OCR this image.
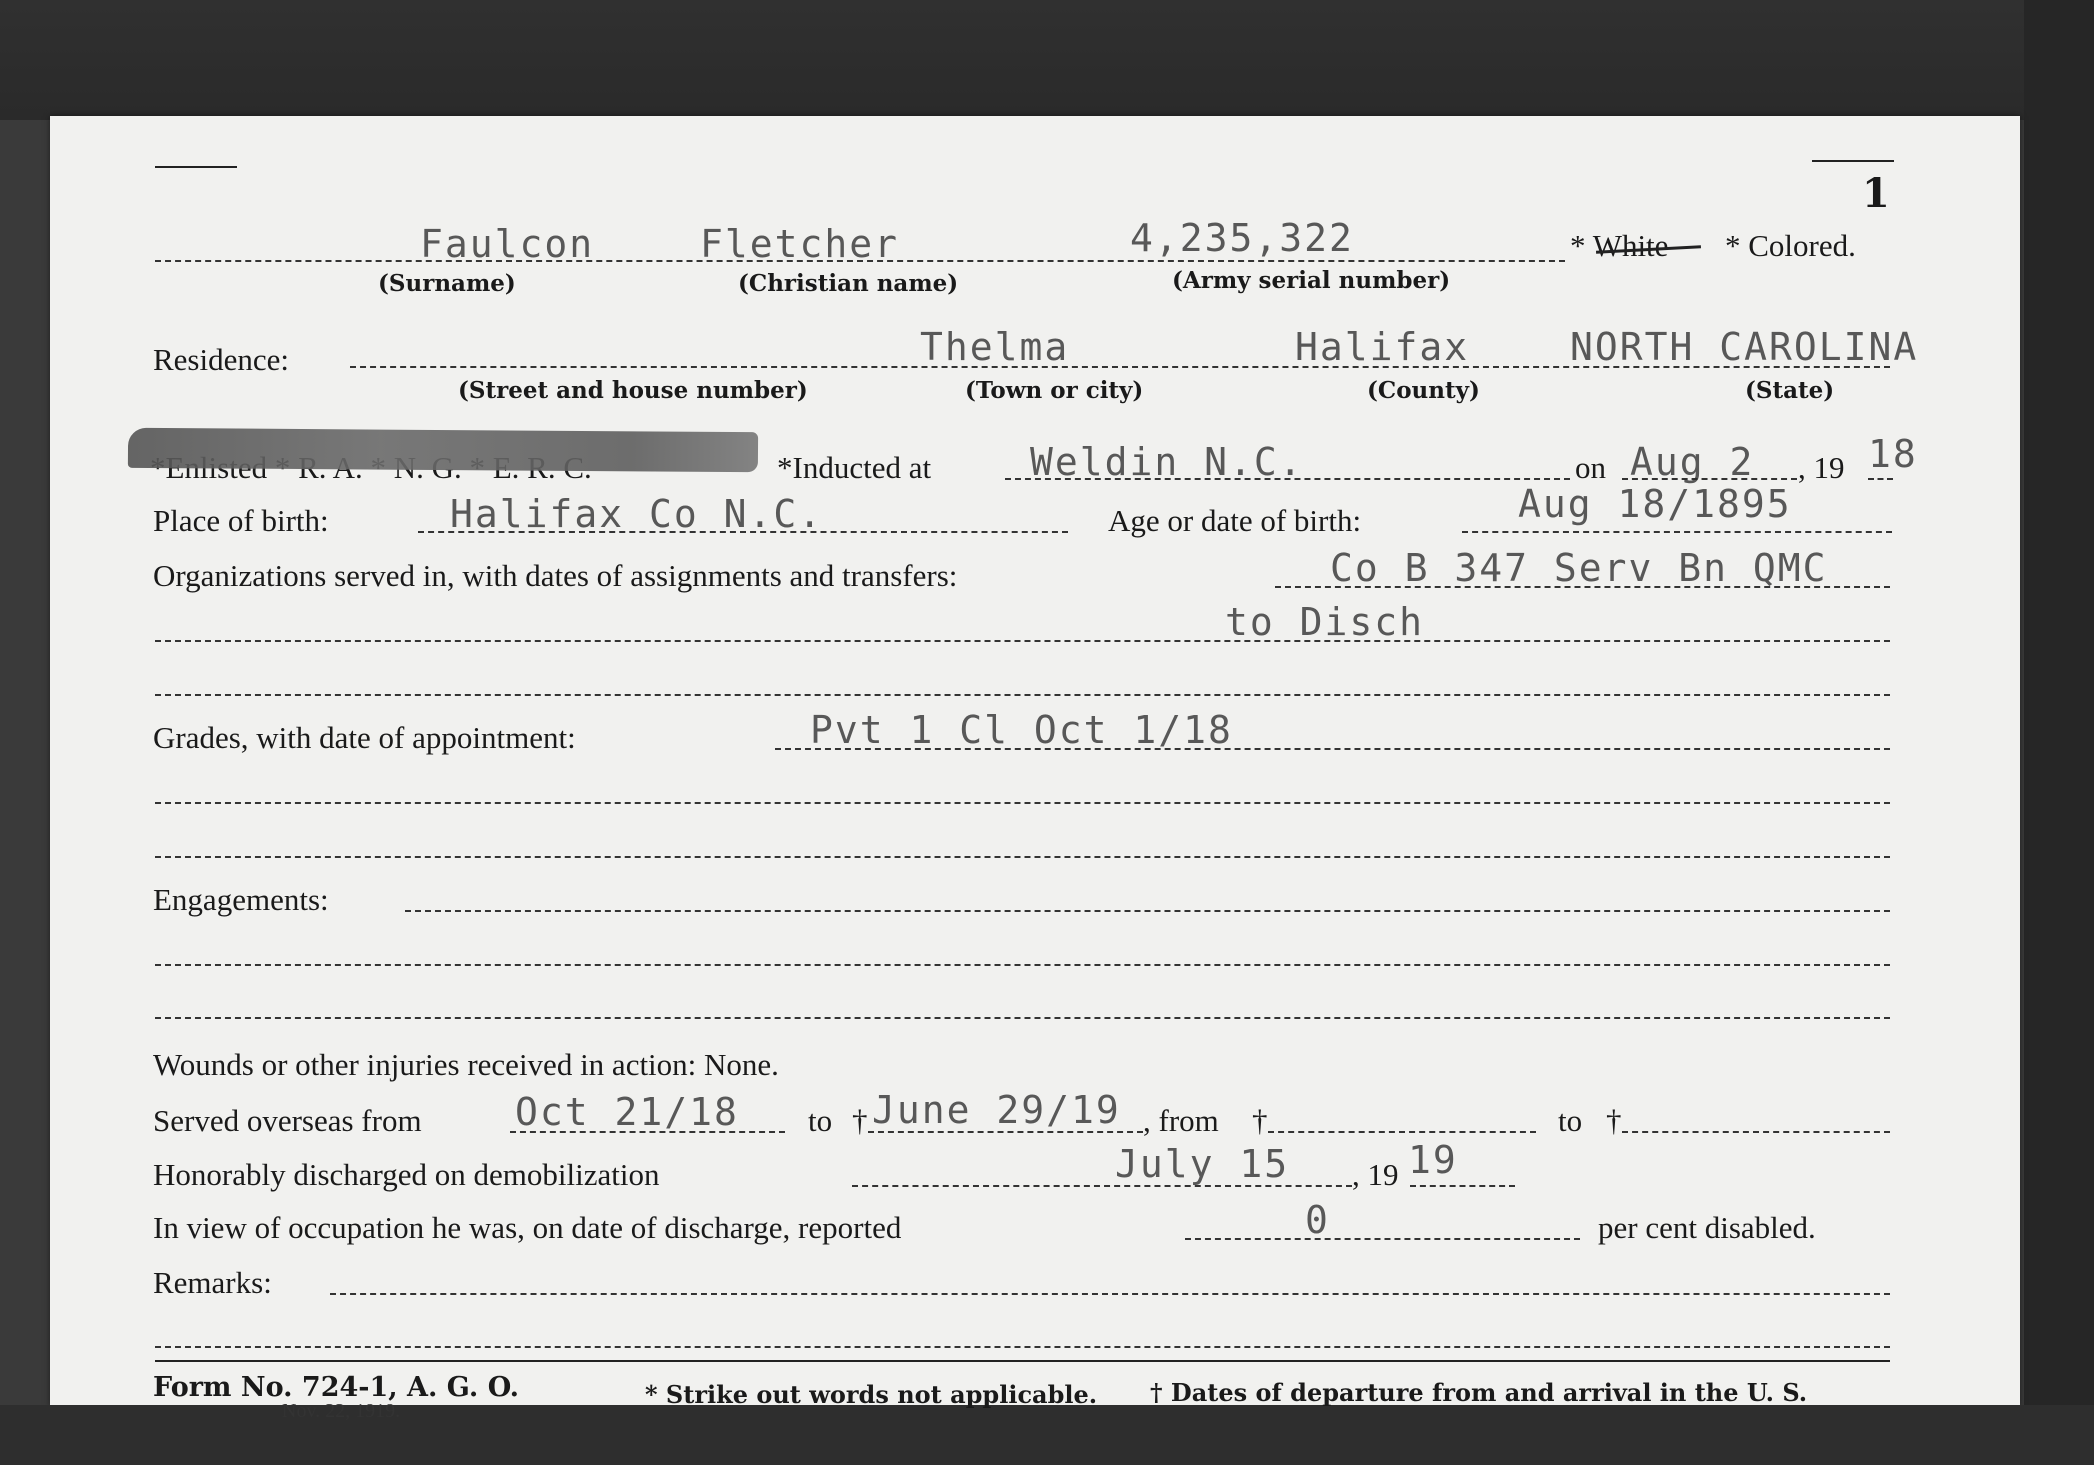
1
Faulcon	Fletcher	4,235,322
(Surname)	(Christian name)	(Army serial number)
* White * Colored.
Residence:	Thelma	Halifax	NORTH CAROLINA
(Street and house number)	(Town or city)	(County)	(State)
*Inducted at	Weldin N.C.	on Aug 2 , 19 18
Place of birth:	Halifax Co N.C.	Age or date of birth:	Aug 18/1895
Organizations served in, with dates of assignments and transfers:	Co B 347 Serv Bn QMC
to Disch
Grades, with date of appointment:	Pvt 1 Cl Oct 1/18
Engagements:
Wounds or other injuries received in action: None.
Served overseas from Oct 21/18 to † June 29/19 , from †	to †
Honorably discharged on demobilization	July 15 , 19 19
In view of occupation he was, on date of discharge, reported	0	per cent disabled.
Remarks:
Form No. 724-1, A. G. O.
Nov. 22, 1919.
* Strike out words not applicable. † Dates of departure from and arrival in the U. S.
